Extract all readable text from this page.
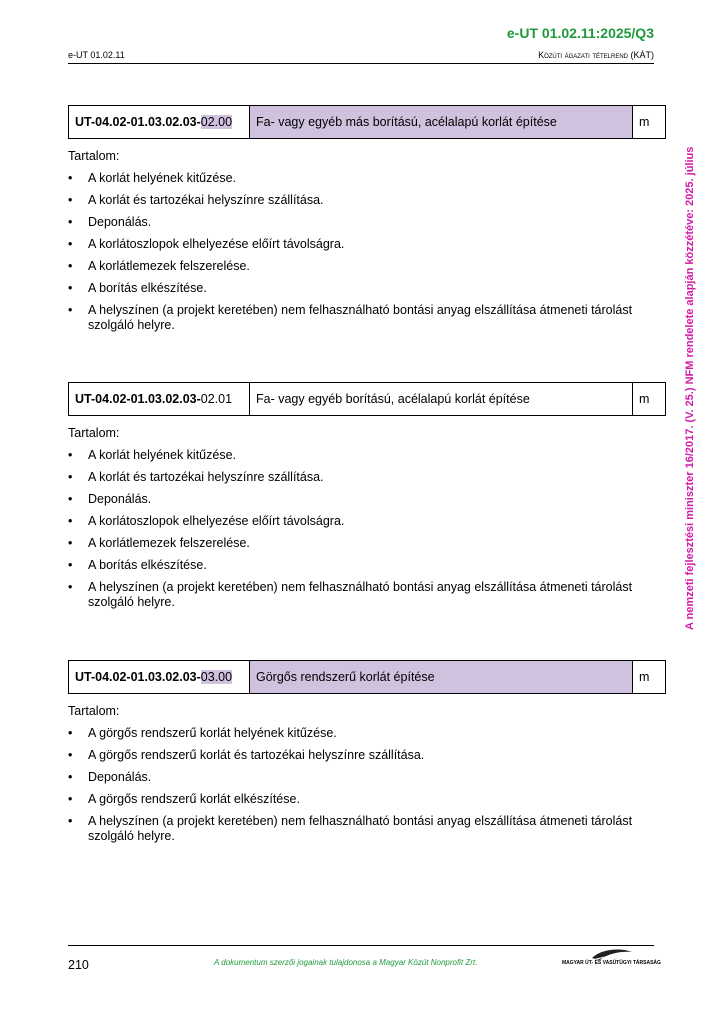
e-UT 01.02.11:2025/Q3
e-UT 01.02.11	Közúti ágazati tételrend (KÁT)
A nemzeti fejlesztési miniszter 16/2017. (V. 25.) NFM rendelete alapján közzétéve: 2025. július
UT-04.02-01.03.02.03-02.00	Fa- vagy egyéb más borítású, acélalapú korlát építése	m
Tartalom:
• A korlát helyének kitűzése.
• A korlát és tartozékai helyszínre szállítása.
• Deponálás.
• A korlátoszlopok elhelyezése előírt távolságra.
• A korlátlemezek felszerelése.
• A borítás elkészítése.
• A helyszínen (a projekt keretében) nem felhasználható bontási anyag elszállítása átmeneti tárolást szolgáló helyre.
UT-04.02-01.03.02.03-02.01	Fa- vagy egyéb borítású, acélalapú korlát építése	m
Tartalom:
• A korlát helyének kitűzése.
• A korlát és tartozékai helyszínre szállítása.
• Deponálás.
• A korlátoszlopok elhelyezése előírt távolságra.
• A korlátlemezek felszerelése.
• A borítás elkészítése.
• A helyszínen (a projekt keretében) nem felhasználható bontási anyag elszállítása átmeneti tárolást szolgáló helyre.
UT-04.02-01.03.02.03-03.00	Görgős rendszerű korlát építése	m
Tartalom:
• A görgős rendszerű korlát helyének kitűzése.
• A görgős rendszerű korlát és tartozékai helyszínre szállítása.
• Deponálás.
• A görgős rendszerű korlát elkészítése.
• A helyszínen (a projekt keretében) nem felhasználható bontási anyag elszállítása átmeneti tárolást szolgáló helyre.
210	A dokumentum szerzői jogainak tulajdonosa a Magyar Közút Nonprofit Zrt.	MAGYAR ÚT- ÉS VASÚTÜGYI TÁRSASÁG
